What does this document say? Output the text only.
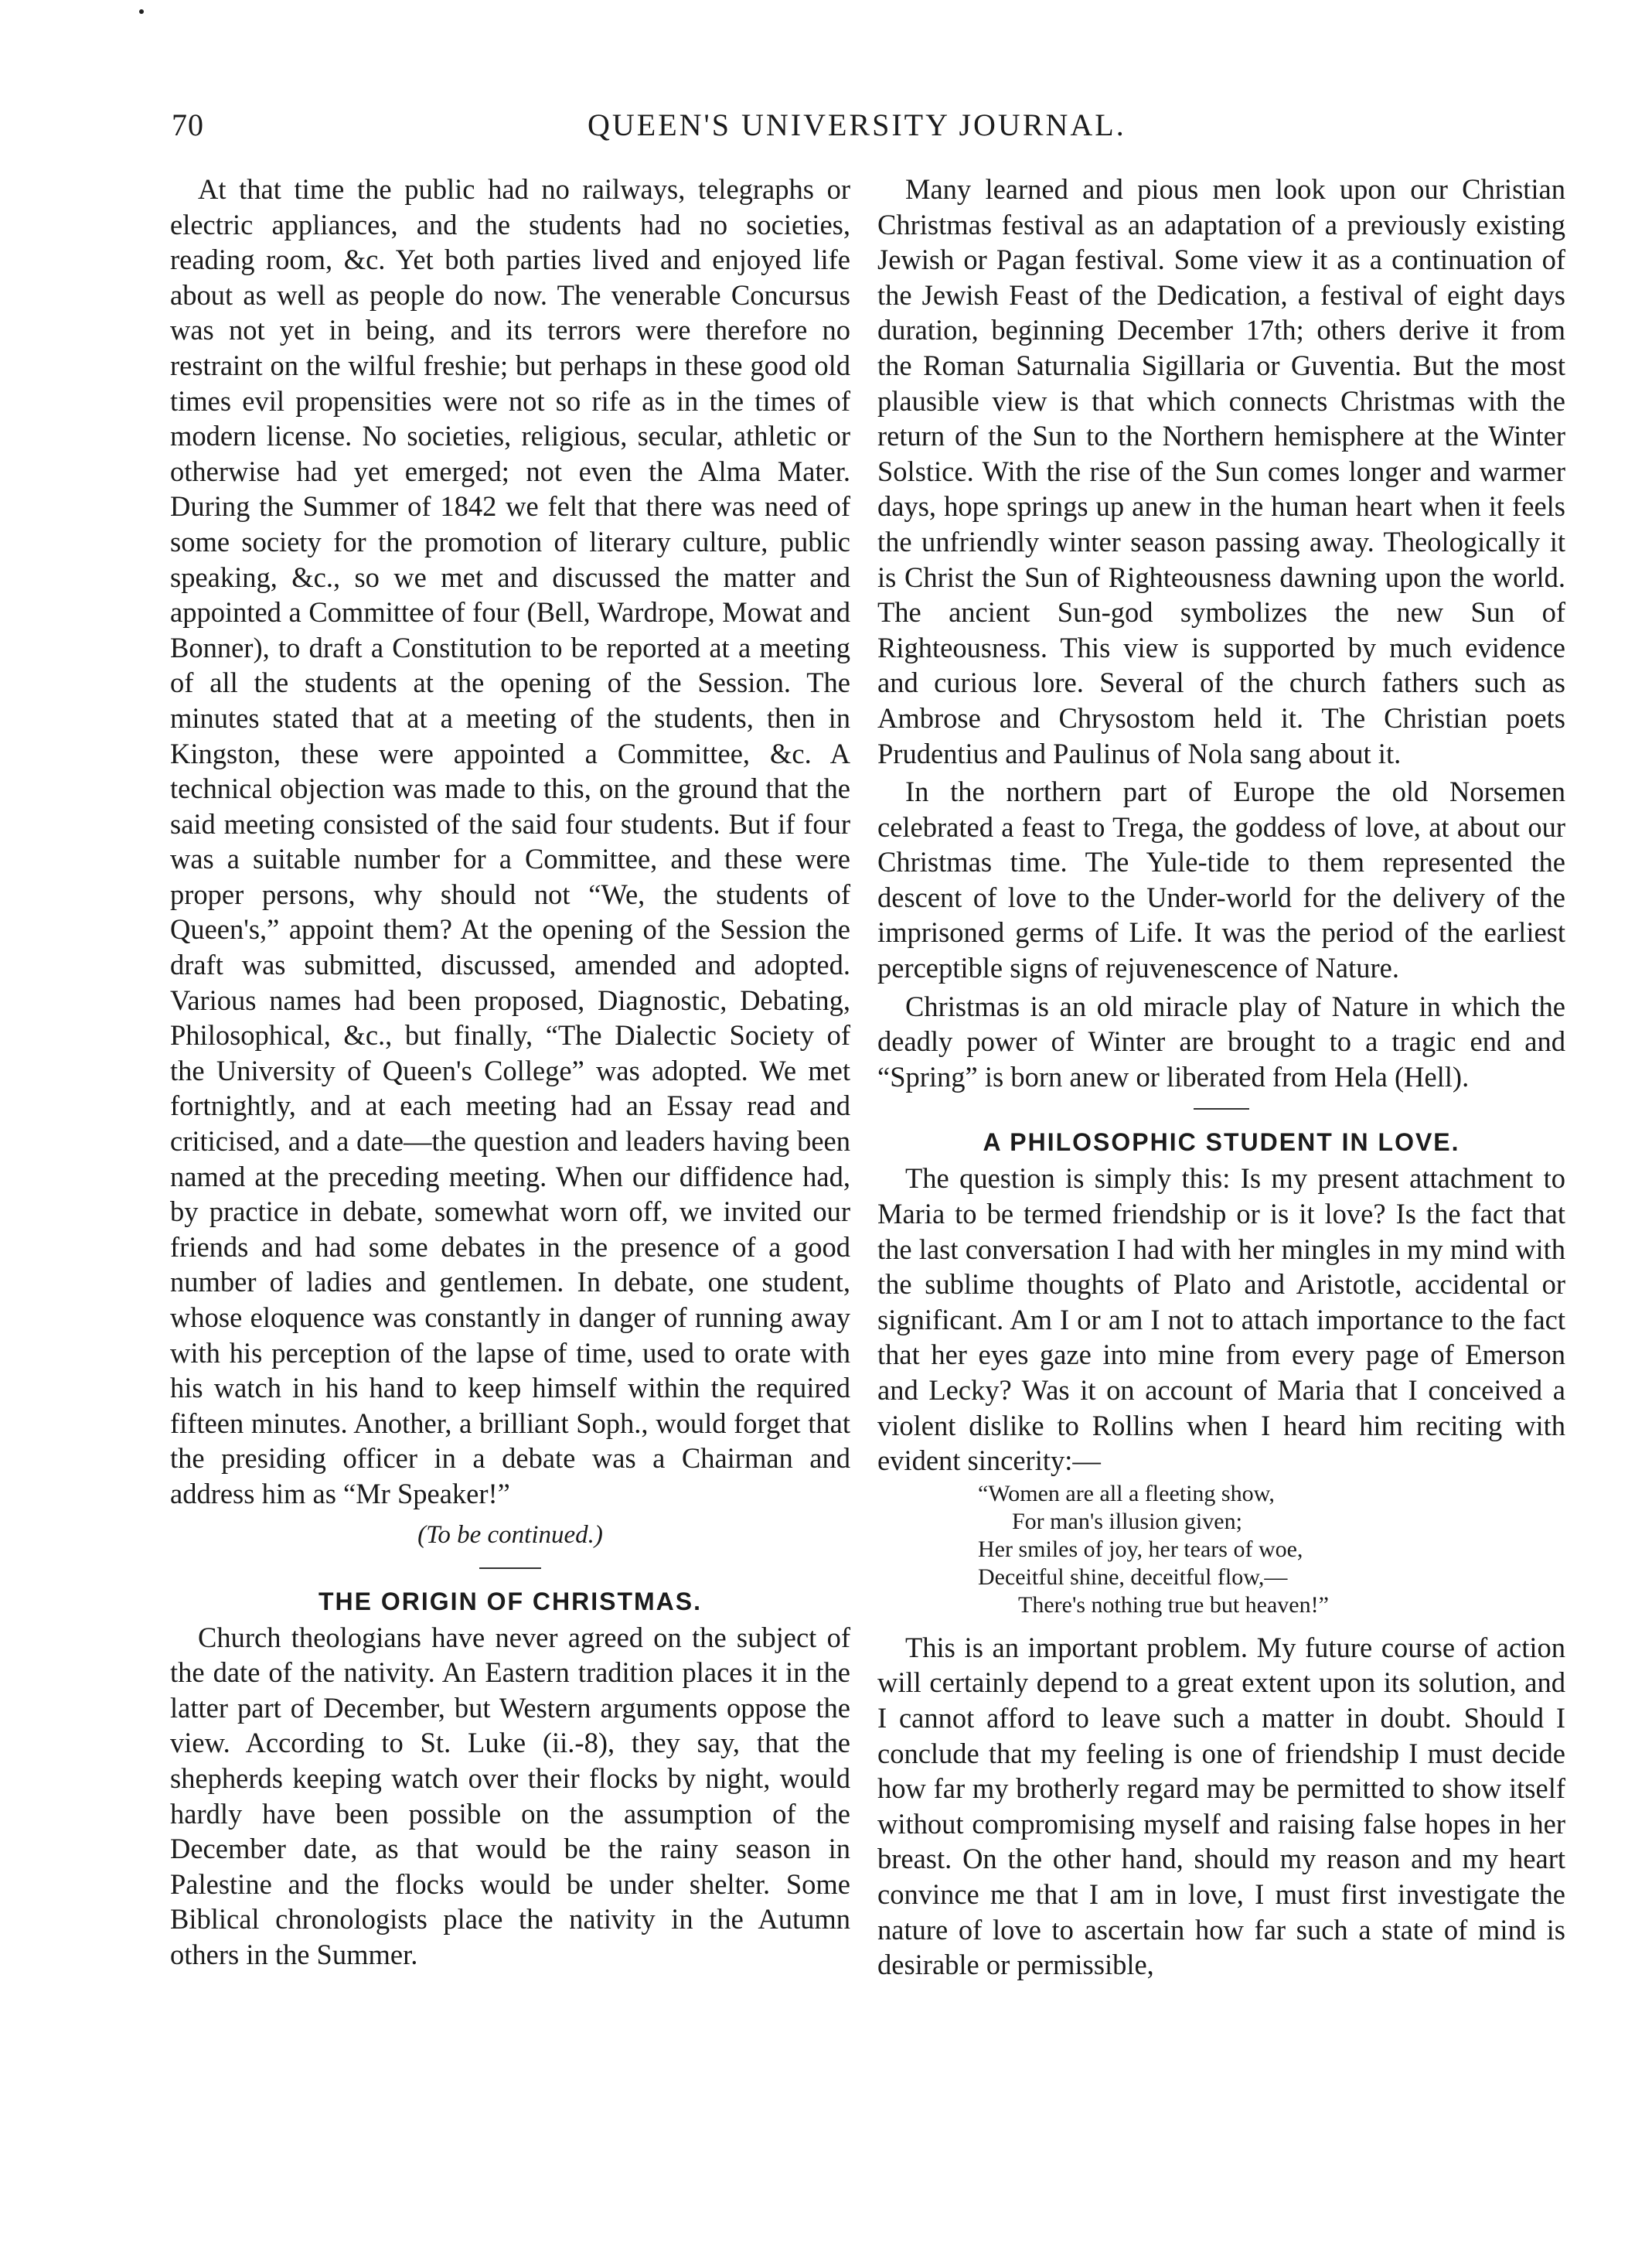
70	QUEEN'S UNIVERSITY JOURNAL.

At that time the public had no railways, telegraphs or electric appliances, and the students had no societies, reading room, &c. Yet both parties lived and enjoyed life about as well as people do now. The venerable Concursus was not yet in being, and its terrors were therefore no restraint on the wilful freshie; but perhaps in these good old times evil propensities were not so rife as in the times of modern license. No societies, religious, secular, athletic or otherwise had yet emerged; not even the Alma Mater. During the Summer of 1842 we felt that there was need of some society for the promotion of literary culture, public speaking, &c., so we met and discussed the matter and appointed a Committee of four (Bell, Wardrope, Mowat and Bonner), to draft a Constitution to be reported at a meeting of all the students at the opening of the Session. The minutes stated that at a meeting of the students, then in Kingston, these were appointed a Committee, &c. A technical objection was made to this, on the ground that the said meeting consisted of the said four students. But if four was a suitable number for a Committee, and these were proper persons, why should not “We, the students of Queen's,” appoint them? At the opening of the Session the draft was submitted, discussed, amended and adopted. Various names had been proposed, Diagnostic, Debating, Philosophical, &c., but finally, “The Dialectic Society of the University of Queen's College” was adopted. We met fortnightly, and at each meeting had an Essay read and criticised, and a date—the question and leaders having been named at the preceding meeting. When our diffidence had, by practice in debate, somewhat worn off, we invited our friends and had some debates in the presence of a good number of ladies and gentlemen. In debate, one student, whose eloquence was constantly in danger of running away with his perception of the lapse of time, used to orate with his watch in his hand to keep himself within the required fifteen minutes. Another, a brilliant Soph., would forget that the presiding officer in a debate was a Chairman and address him as “Mr Speaker!”

(To be continued.)
THE ORIGIN OF CHRISTMAS.

Church theologians have never agreed on the subject of the date of the nativity. An Eastern tradition places it in the latter part of December, but Western arguments oppose the view. According to St. Luke (ii.-8), they say, that the shepherds keeping watch over their flocks by night, would hardly have been possible on the assumption of the December date, as that would be the rainy season in Palestine and the flocks would be under shelter. Some Biblical chronologists place the nativity in the Autumn others in the Summer.

Many learned and pious men look upon our Christian Christmas festival as an adaptation of a previously existing Jewish or Pagan festival. Some view it as a continuation of the Jewish Feast of the Dedication, a festival of eight days duration, beginning December 17th; others derive it from the Roman Saturnalia Sigillaria or Guventia. But the most plausible view is that which connects Christmas with the return of the Sun to the Northern hemisphere at the Winter Solstice. With the rise of the Sun comes longer and warmer days, hope springs up anew in the human heart when it feels the unfriendly winter season passing away. Theologically it is Christ the Sun of Righteousness dawning upon the world. The ancient Sun-god symbolizes the new Sun of Righteousness. This view is supported by much evidence and curious lore. Several of the church fathers such as Ambrose and Chrysostom held it. The Christian poets Prudentius and Paulinus of Nola sang about it.

In the northern part of Europe the old Norsemen celebrated a feast to Trega, the goddess of love, at about our Christmas time. The Yule-tide to them represented the descent of love to the Under-world for the delivery of the imprisoned germs of Life. It was the period of the earliest perceptible signs of rejuvenescence of Nature.

Christmas is an old miracle play of Nature in which the deadly power of Winter are brought to a tragic end and “Spring” is born anew or liberated from Hela (Hell).

A PHILOSOPHIC STUDENT IN LOVE.

The question is simply this: Is my present attachment to Maria to be termed friendship or is it love? Is the fact that the last conversation I had with her mingles in my mind with the sublime thoughts of Plato and Aristotle, accidental or significant. Am I or am I not to attach importance to the fact that her eyes gaze into mine from every page of Emerson and Lecky? Was it on account of Maria that I conceived a violent dislike to Rollins when I heard him reciting with evident sincerity:—

“Women are all a fleeting show,
For man's illusion given;
Her smiles of joy, her tears of woe,
Deceitful shine, deceitful flow,—
There's nothing true but heaven!”

This is an important problem. My future course of action will certainly depend to a great extent upon its solution, and I cannot afford to leave such a matter in doubt. Should I conclude that my feeling is one of friendship I must decide how far my brotherly regard may be permitted to show itself without compromising myself and raising false hopes in her breast. On the other hand, should my reason and my heart convince me that I am in love, I must first investigate the nature of love to ascertain how far such a state of mind is desirable or permissible,
